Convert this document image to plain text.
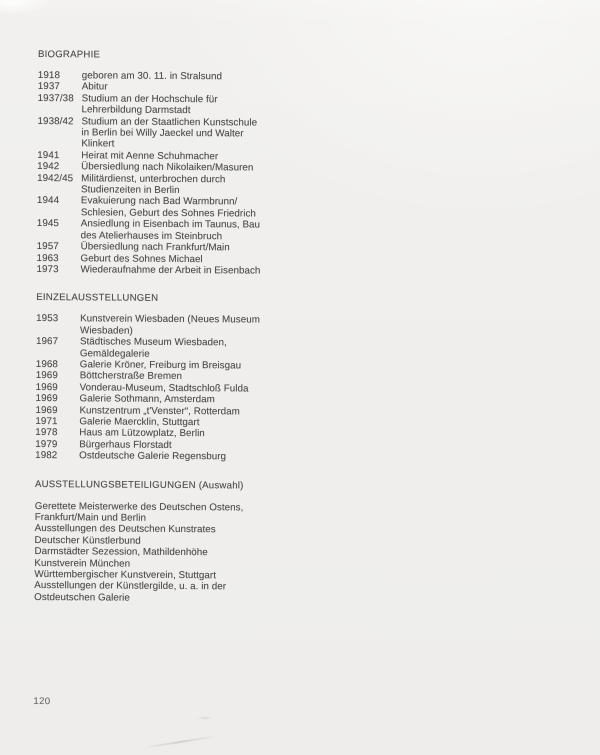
BIOGRAPHIE
1918	geboren am 30. 11. in Stralsund
1937	Abitur
1937/38 Studium an der Hochschule für
Lehrerbildung Darmstadt
1938/42 Studium an der Staatlichen Kunstschule
in Berlin bei Willy Jaeckel und Walter
Klinkert
1941	Heirat mit Aenne Schuhmacher
1942	Übersiedlung nach Nikolaiken/Masuren
1942/45 Militärdienst, unterbrochen durch
Studienzeiten in Berlin
1944	Evakuierung nach Bad Warmbrunn/
Schlesien, Geburt des Sohnes Friedrich
1945	Ansiedlung in Eisenbach im Taunus, Bau
des Atelierhauses im Steinbruch
1957	Übersiedlung nach Frankfurt/Main
1963	Geburt des Sohnes Michael
1973	Wiederaufnahme der Arbeit in Eisenbach
EINZELAUSSTELLUNGEN
1953	Kunstverein Wiesbaden (Neues Museum
Wiesbaden)
1967	Städtisches Museum Wiesbaden,
Gemäldegalerie
1968	Galerie Kröner, Freiburg im Breisgau
1969	Böttcherstraße Bremen
1969	Vonderau-Museum, Stadtschloß Fulda
1969	Galerie Sothmann, Amsterdam
1969	Kunstzentrum „t'Venster“, Rotterdam
1971	Galerie Maercklin, Stuttgart
1978	Haus am Lützowplatz, Berlin
1979	Bürgerhaus Florstadt
1982	Ostdeutsche Galerie Regensburg
AUSSTELLUNGSBETEILIGUNGEN (Auswahl)
Gerettete Meisterwerke des Deutschen Ostens,
Frankfurt/Main und Berlin
Ausstellungen des Deutschen Kunstrates
Deutscher Künstlerbund
Darmstädter Sezession, Mathildenhöhe
Kunstverein München
Württembergischer Kunstverein, Stuttgart
Ausstellungen der Künstlergilde, u. a. in der
Ostdeutschen Galerie
120
